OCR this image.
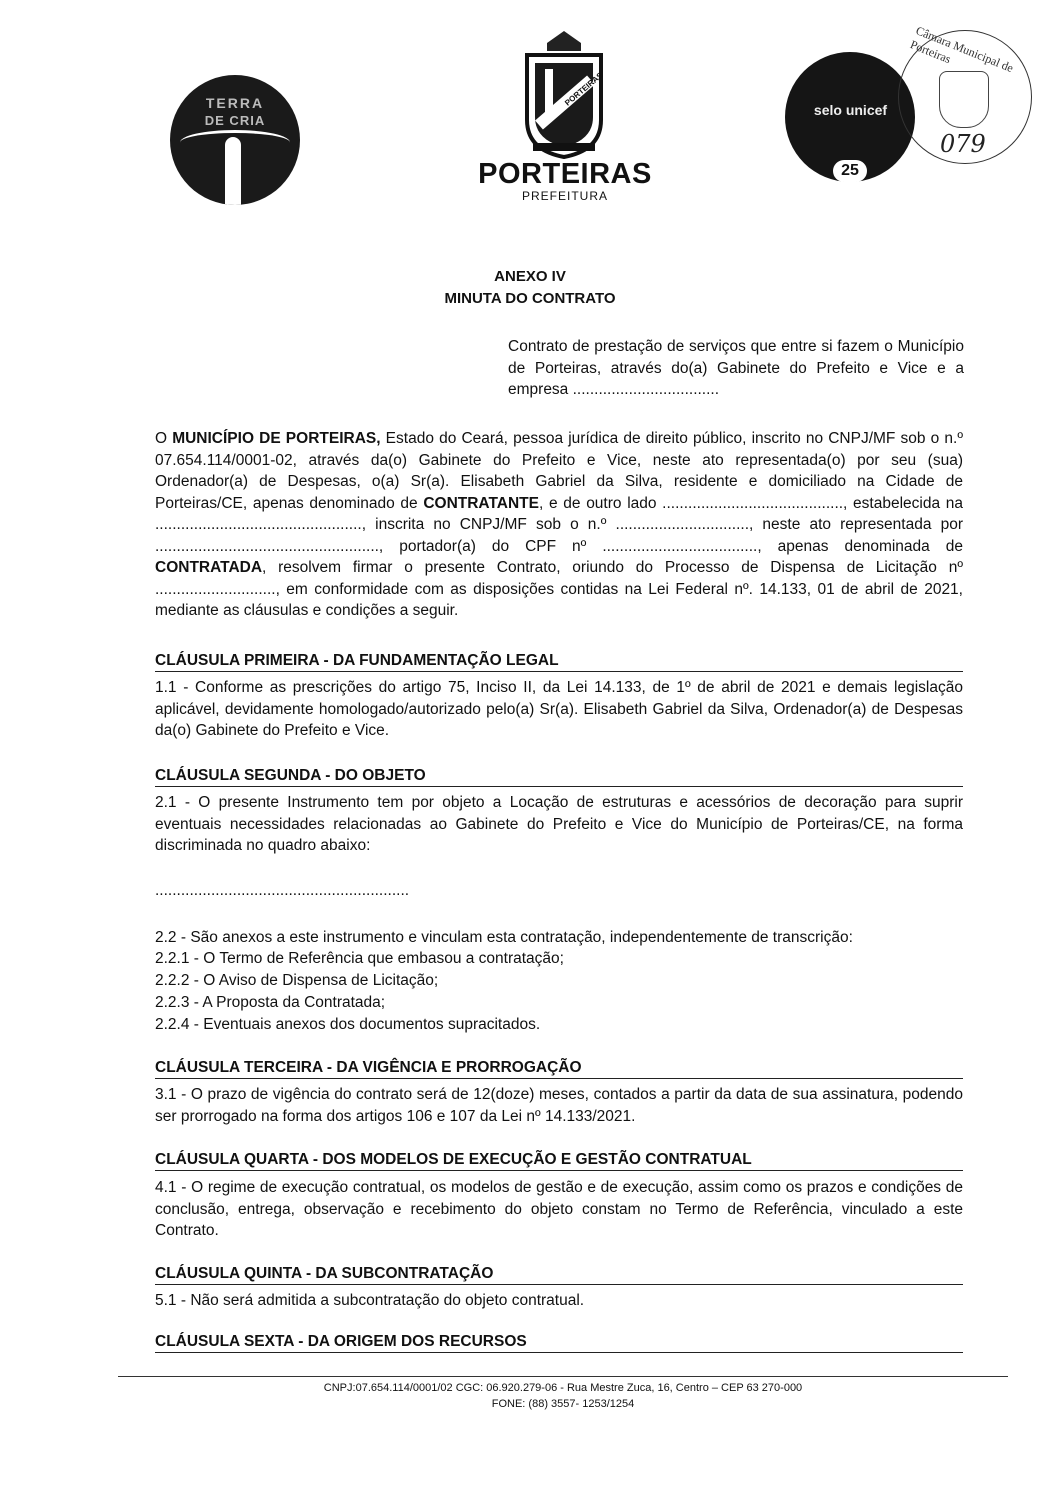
TERRA
DE CRIA
PORTEIRAS
PORTEIRAS
PREFEITURA
selo unicef
25
Câmara Municipal de Porteiras
079
ANEXO IV
MINUTA DO CONTRATO
Contrato de prestação de serviços que entre si fazem o Município de Porteiras, através do(a) Gabinete do Prefeito e Vice e a empresa ..................................
O MUNICÍPIO DE PORTEIRAS, Estado do Ceará, pessoa jurídica de direito público, inscrito no CNPJ/MF sob o n.º 07.654.114/0001-02, através da(o) Gabinete do Prefeito e Vice, neste ato representada(o) por seu (sua) Ordenador(a) de Despesas, o(a) Sr(a). Elisabeth Gabriel da Silva, residente e domiciliado na Cidade de Porteiras/CE, apenas denominado de CONTRATANTE, e de outro lado .........................................., estabelecida na ................................................, inscrita no CNPJ/MF sob o n.º ..............................., neste ato representada por ...................................................., portador(a) do CPF nº ...................................., apenas denominada de CONTRATADA, resolvem firmar o presente Contrato, oriundo do Processo de Dispensa de Licitação nº ............................, em conformidade com as disposições contidas na Lei Federal nº. 14.133, 01 de abril de 2021, mediante as cláusulas e condições a seguir.
CLÁUSULA PRIMEIRA - DA FUNDAMENTAÇÃO LEGAL
1.1 - Conforme as prescrições do artigo 75, Inciso II, da Lei 14.133, de 1º de abril de 2021 e demais legislação aplicável, devidamente homologado/autorizado pelo(a) Sr(a). Elisabeth Gabriel da Silva, Ordenador(a) de Despesas da(o) Gabinete do Prefeito e Vice.
CLÁUSULA SEGUNDA - DO OBJETO
2.1 - O presente Instrumento tem por objeto a Locação de estruturas e acessórios de decoração para suprir eventuais necessidades relacionadas ao Gabinete do Prefeito e Vice do Município de Porteiras/CE, na forma discriminada no quadro abaixo:
...........................................................
2.2 - São anexos a este instrumento e vinculam esta contratação, independentemente de transcrição:
2.2.1 - O Termo de Referência que embasou a contratação;
2.2.2 - O Aviso de Dispensa de Licitação;
2.2.3 - A Proposta da Contratada;
2.2.4 - Eventuais anexos dos documentos supracitados.
CLÁUSULA TERCEIRA - DA VIGÊNCIA E PRORROGAÇÃO
3.1 - O prazo de vigência do contrato será de 12(doze) meses, contados a partir da data de sua assinatura, podendo ser prorrogado na forma dos artigos 106 e 107 da Lei nº 14.133/2021.
CLÁUSULA QUARTA - DOS MODELOS DE EXECUÇÃO E GESTÃO CONTRATUAL
4.1 - O regime de execução contratual, os modelos de gestão e de execução, assim como os prazos e condições de conclusão, entrega, observação e recebimento do objeto constam no Termo de Referência, vinculado a este Contrato.
CLÁUSULA QUINTA - DA SUBCONTRATAÇÃO
5.1 - Não será admitida a subcontratação do objeto contratual.
CLÁUSULA SEXTA - DA ORIGEM DOS RECURSOS
CNPJ:07.654.114/0001/02 CGC: 06.920.279-06 - Rua Mestre Zuca, 16, Centro – CEP 63 270-000
FONE: (88) 3557- 1253/1254
